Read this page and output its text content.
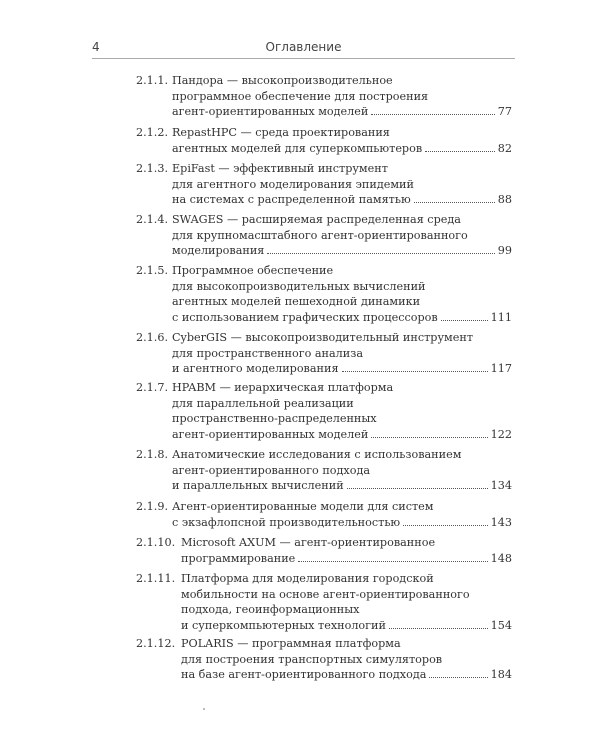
4	Оглавление
2.1.1. Пандора — высокопроизводительное
программное обеспечение для построения
агент-ориентированных моделей	77
2.1.2. RepastHPC — среда проектирования
агентных моделей для суперкомпьютеров	82
2.1.3. EpiFast — эффективный инструмент
для агентного моделирования эпидемий
на системах с распределенной памятью	88
2.1.4. SWAGES — расширяемая распределенная среда
для крупномасштабного агент-ориентированного
моделирования	99
2.1.5. Программное обеспечение
для высокопроизводительных вычислений
агентных моделей пешеходной динамики
с использованием графических процессоров	111
2.1.6. CyberGIS — высокопроизводительный инструмент
для пространственного анализа
и агентного моделирования	117
2.1.7. HPABM — иерархическая платформа
для параллельной реализации
пространственно-распределенных
агент-ориентированных моделей	122
2.1.8. Анатомические исследования с использованием
агент-ориентированного подхода
и параллельных вычислений	134
2.1.9. Агент-ориентированные модели для систем
с экзафлопсной производительностью	143
2.1.10. Microsoft AXUM — агент-ориентированное
программирование	148
2.1.11. Платформа для моделирования городской
мобильности на основе агент-ориентированного
подхода, геоинформационных
и суперкомпьютерных технологий	154
2.1.12. POLARIS — программная платформа
для построения транспортных симуляторов
на базе агент-ориентированного подхода	184
